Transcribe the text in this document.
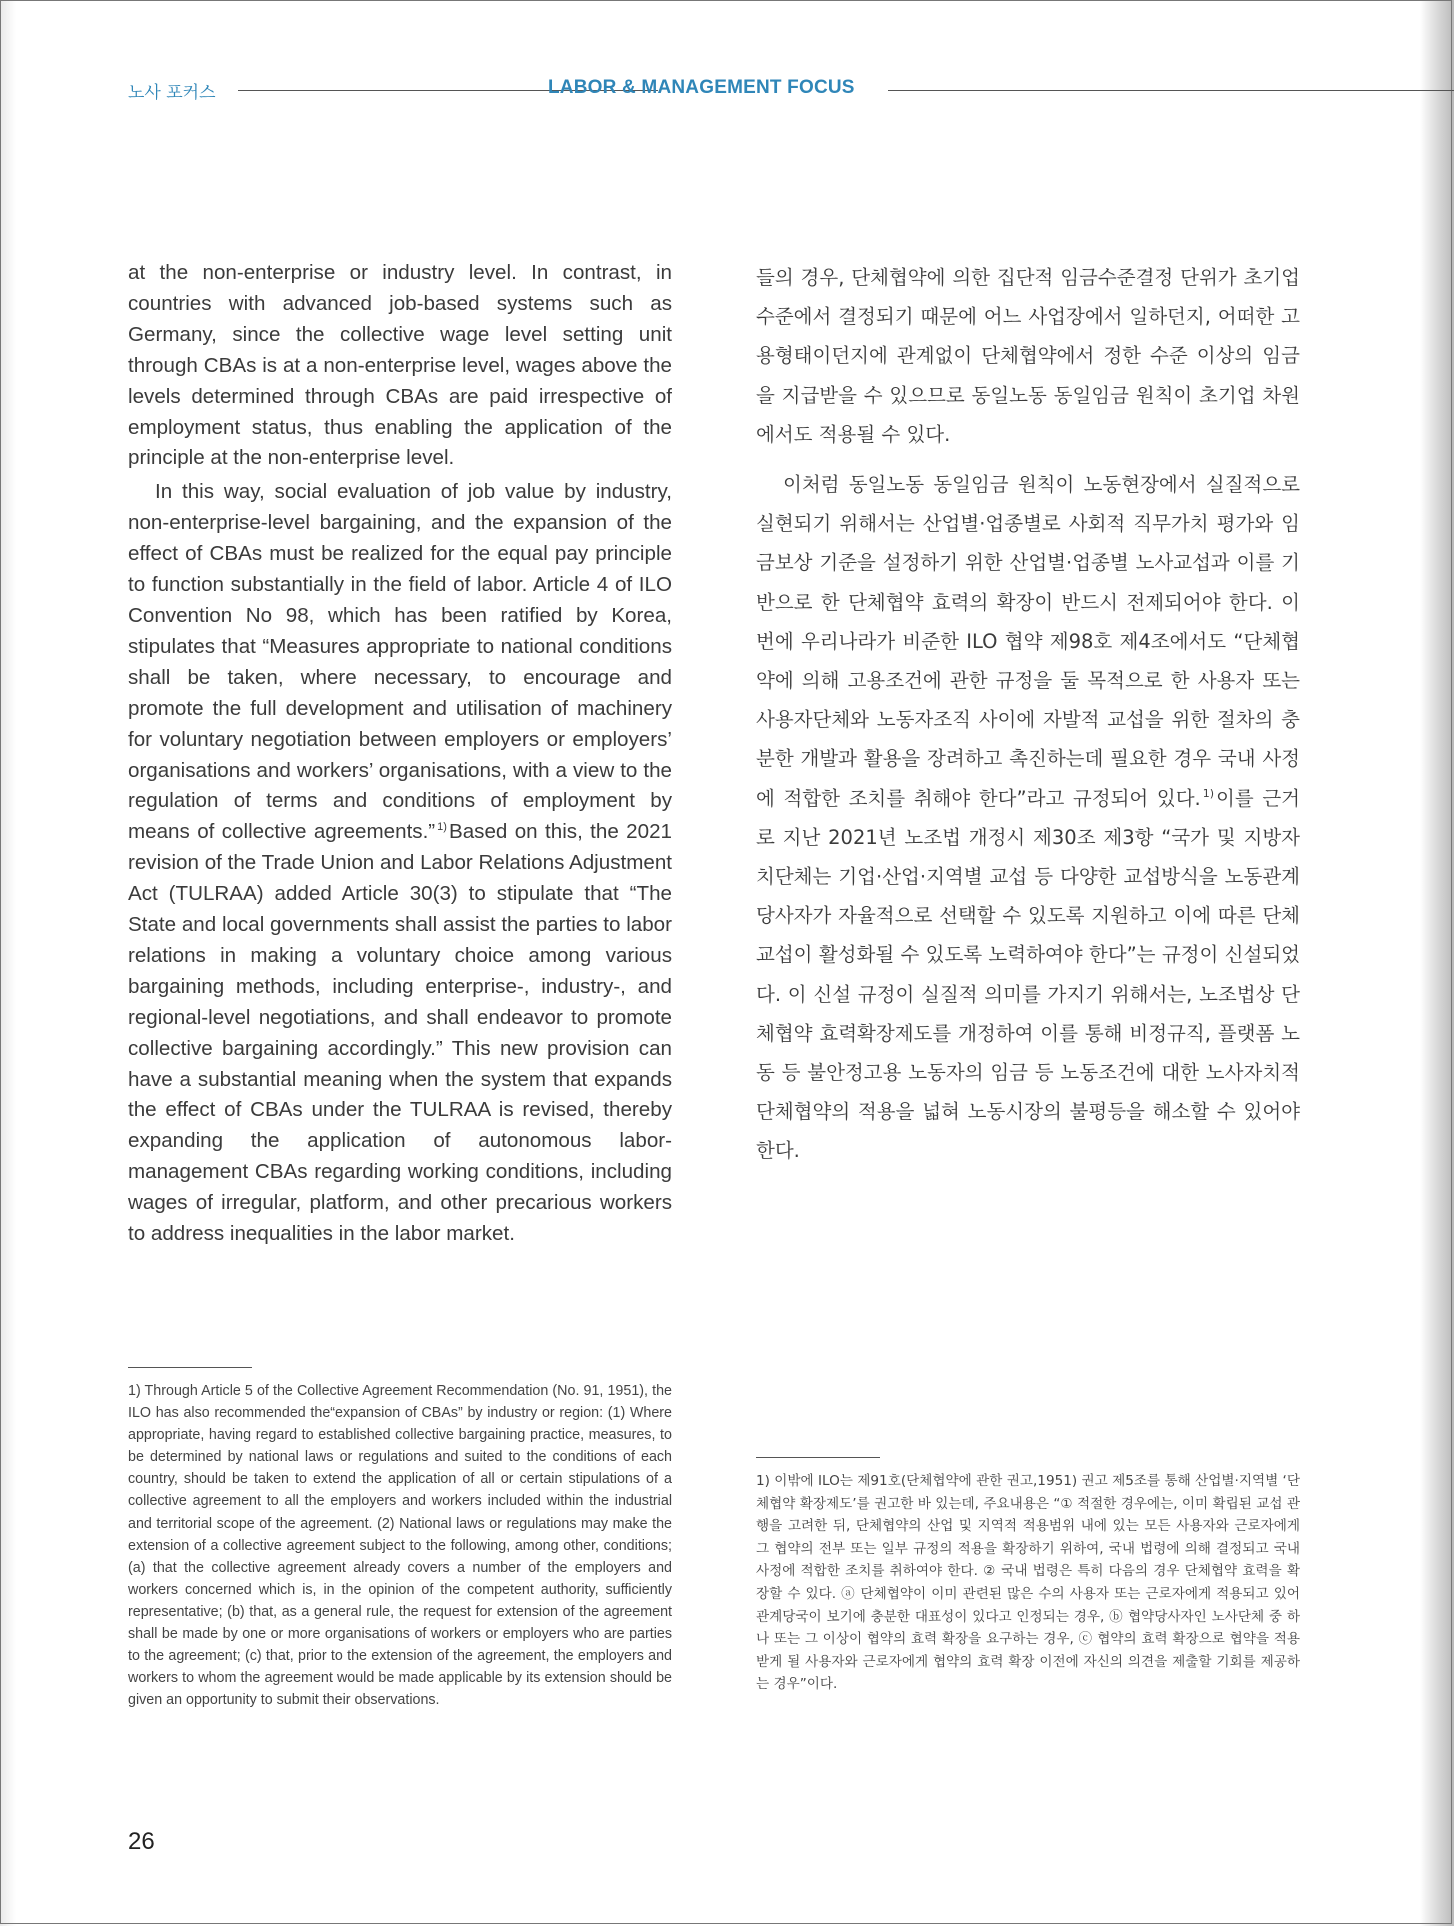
노사 포커스	LABOR & MANAGEMENT FOCUS

at the non-enterprise or industry level. In contrast, in countries with advanced job-based systems such as Germany, since the collective wage level setting unit through CBAs is at a non-enterprise level, wages above the levels determined through CBAs are paid irrespective of employment status, thus enabling the application of the principle at the non-enterprise level.

In this way, social evaluation of job value by industry, non-enterprise-level bargaining, and the expansion of the effect of CBAs must be realized for the equal pay principle to function substantially in the field of labor. Article 4 of ILO Convention No 98, which has been ratified by Korea, stipulates that “Measures appropriate to national conditions shall be taken, where necessary, to encourage and promote the full development and utilisation of machinery for voluntary negotiation between employers or employers’ organisations and workers’ organisations, with a view to the regulation of terms and conditions of employment by means of collective agreements.” $^{1)}$Based on this, the 2021 revision of the Trade Union and Labor Relations Adjustment Act (TULRAA) added Article 30(3) to stipulate that “The State and local governments shall assist the parties to labor relations in making a voluntary choice among various bargaining methods, including enterprise-, industry-, and regional-level negotiations, and shall endeavor to promote collective bargaining accordingly.” This new provision can have a substantial meaning when the system that expands the effect of CBAs under the TULRAA is revised, thereby expanding the application of autonomous labor-management CBAs regarding working conditions, including wages of irregular, platform, and other precarious workers to address inequalities in the labor market.

들의 경우, 단체협약에 의한 집단적 임금수준결정 단위가 초기업 수준에서 결정되기 때문에 어느 사업장에서 일하던지, 어떠한 고용형태이던지에 관계없이 단체협약에서 정한 수준 이상의 임금을 지급받을 수 있으므로 동일노동 동일임금 원칙이 초기업 차원에서도 적용될 수 있다.

이처럼 동일노동 동일임금 원칙이 노동현장에서 실질적으로 실현되기 위해서는 산업별·업종별로 사회적 직무가치 평가와 임금보상 기준을 설정하기 위한 산업별·업종별 노사교섭과 이를 기반으로 한 단체협약 효력의 확장이 반드시 전제되어야 한다. 이번에 우리나라가 비준한 ILO 협약 제98호 제4조에서도 “단체협약에 의해 고용조건에 관한 규정을 둘 목적으로 한 사용자 또는 사용자단체와 노동자조직 사이에 자발적 교섭을 위한 절차의 충분한 개발과 활용을 장려하고 촉진하는데 필요한 경우 국내 사정에 적합한 조치를 취해야 한다”라고 규정되어 있다. $^{1)}$ 이를 근거로 지난 2021년 노조법 개정시 제30조 제3항 “국가 및 지방자치단체는 기업·산업·지역별 교섭 등 다양한 교섭방식을 노동관계 당사자가 자율적으로 선택할 수 있도록 지원하고 이에 따른 단체교섭이 활성화될 수 있도록 노력하여야 한다”는 규정이 신설되었다. 이 신설 규정이 실질적 의미를 가지기 위해서는, 노조법상 단체협약 효력확장제도를 개정하여 이를 통해 비정규직, 플랫폼 노동 등 불안정고용 노동자의 임금 등 노동조건에 대한 노사자치적 단체협약의 적용을 넓혀 노동시장의 불평등을 해소할 수 있어야 한다.

1) Through Article 5 of the Collective Agreement Recommendation (No. 91, 1951), the ILO has also recommended the“expansion of CBAs” by industry or region: (1) Where appropriate, having regard to established collective bargaining practice, measures, to be determined by national laws or regulations and suited to the conditions of each country, should be taken to extend the application of all or certain stipulations of a collective agreement to all the employers and workers included within the industrial and territorial scope of the agreement. (2) National laws or regulations may make the extension of a collective agreement subject to the following, among other, conditions; (a) that the collective agreement already covers a number of the employers and workers concerned which is, in the opinion of the competent authority, sufficiently representative; (b) that, as a general rule, the request for extension of the agreement shall be made by one or more organisations of workers or employers who are parties to the agreement; (c) that, prior to the extension of the agreement, the employers and workers to whom the agreement would be made applicable by its extension should be given an opportunity to submit their observations.
1) 이밖에 ILO는 제91호(단체협약에 관한 권고,1951) 권고 제5조를 통해 산업별·지역별 ‘단체협약 확장제도’를 권고한 바 있는데, 주요내용은 “① 적절한 경우에는, 이미 확립된 교섭 관행을 고려한 뒤, 단체협약의 산업 및 지역적 적용범위 내에 있는 모든 사용자와 근로자에게 그 협약의 전부 또는 일부 규정의 적용을 확장하기 위하여, 국내 법령에 의해 결정되고 국내 사정에 적합한 조치를 취하여야 한다. ② 국내 법령은 특히 다음의 경우 단체협약 효력을 확장할 수 있다. ⓐ 단체협약이 이미 관련된 많은 수의 사용자 또는 근로자에게 적용되고 있어 관계당국이 보기에 충분한 대표성이 있다고 인정되는 경우, ⓑ 협약당사자인 노사단체 중 하나 또는 그 이상이 협약의 효력 확장을 요구하는 경우, ⓒ 협약의 효력 확장으로 협약을 적용 받게 될 사용자와 근로자에게 협약의 효력 확장 이전에 자신의 의견을 제출할 기회를 제공하는 경우”이다.
26
